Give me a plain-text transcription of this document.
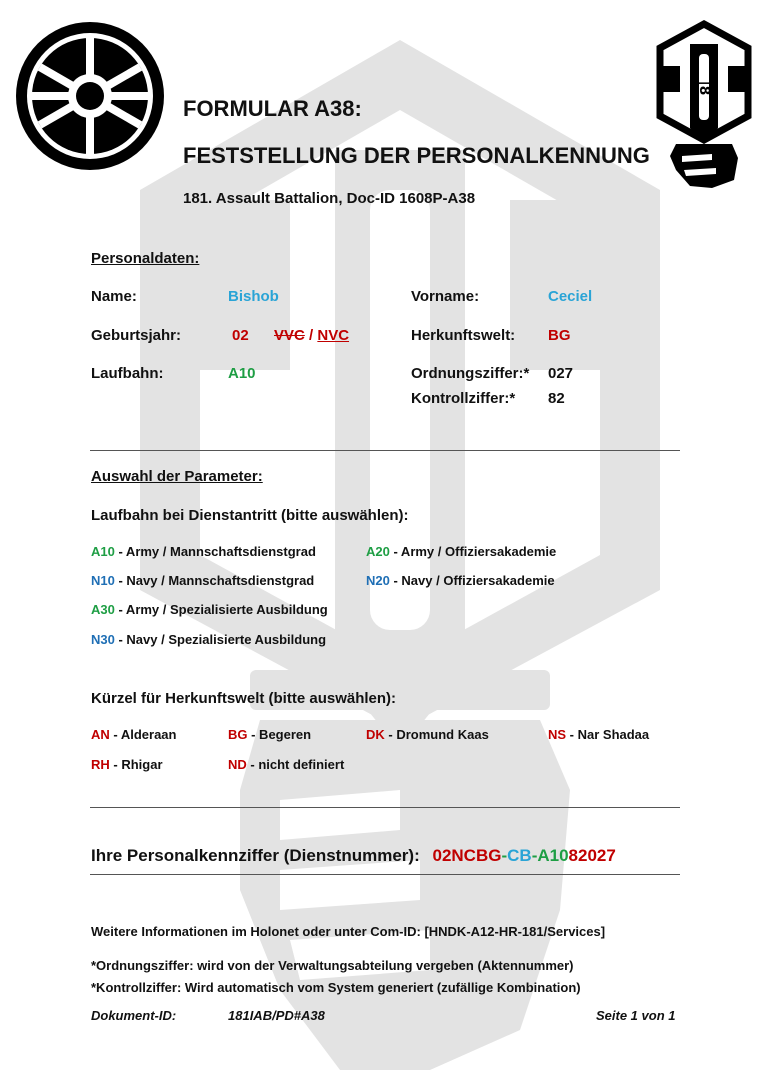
|8
FORMULAR A38:
FESTSTELLUNG DER PERSONALKENNUNG
181. Assault Battalion, Doc-ID 1608P-A38
Personaldaten:
Name:	Bishob	Vorname:	Ceciel
Geburtsjahr:	02 VVC / NVC	Herkunftswelt: BG
Laufbahn:	A10	Ordnungsziffer:* 027
Kontrollziffer:* 82
Auswahl der Parameter:
Laufbahn bei Dienstantritt (bitte auswählen):
A10 - Army / Mannschaftsdienstgrad	A20 - Army / Offiziersakademie
N10 - Navy / Mannschaftsdienstgrad	N20 - Navy / Offiziersakademie
A30 - Army / Spezialisierte Ausbildung
N30 - Navy / Spezialisierte Ausbildung
Kürzel für Herkunftswelt (bitte auswählen):
AN - Alderaan	BG - Begeren	DK - Dromund Kaas	NS - Nar Shadaa
RH - Rhigar	ND - nicht definiert
Ihre Personalkennziffer (Dienstnummer): 02NCBG-CB-A1082027
Weitere Informationen im Holonet oder unter Com-ID: [HNDK-A12-HR-181/Services]
*Ordnungsziffer: wird von der Verwaltungsabteilung vergeben (Aktennummer)
*Kontrollziffer: Wird automatisch vom System generiert (zufällige Kombination)
Dokument-ID:	181IAB/PD#A38	Seite 1 von 1
